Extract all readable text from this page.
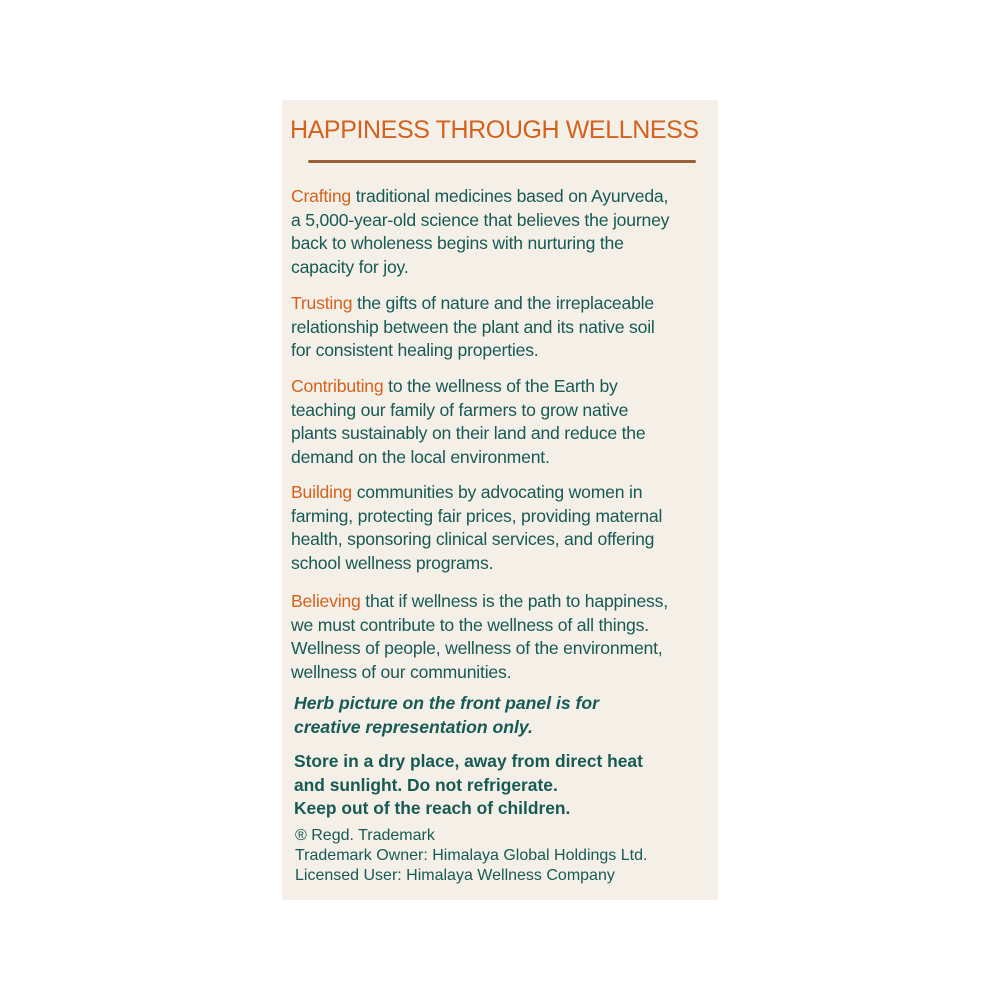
HAPPINESS THROUGH WELLNESS

Crafting traditional medicines based on Ayurveda,
a 5,000-year-old science that believes the journey
back to wholeness begins with nurturing the
capacity for joy.

Trusting the gifts of nature and the irreplaceable
relationship between the plant and its native soil
for consistent healing properties.

Contributing to the wellness of the Earth by
teaching our family of farmers to grow native
plants sustainably on their land and reduce the
demand on the local environment.

Building communities by advocating women in
farming, protecting fair prices, providing maternal
health, sponsoring clinical services, and offering
school wellness programs.

Believing that if wellness is the path to happiness,
we must contribute to the wellness of all things.
Wellness of people, wellness of the environment,
wellness of our communities.

Herb picture on the front panel is for
creative representation only.

Store in a dry place, away from direct heat
and sunlight. Do not refrigerate.
Keep out of the reach of children.

® Regd. Trademark
Trademark Owner: Himalaya Global Holdings Ltd.
Licensed User: Himalaya Wellness Company
